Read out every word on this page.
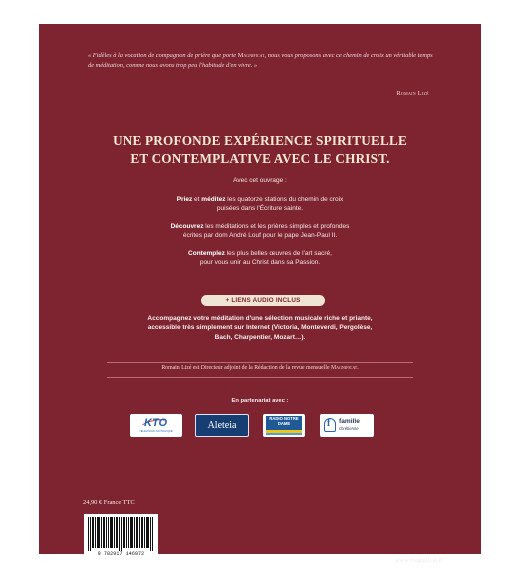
« Fidèles à la vocation de compagnon de prière que porte Magnificat, nous vous proposons avec ce chemin de croix un véritable temps de méditation, comme nous avons trop peu l'habitude d'en vivre. »
Romain Lizé
UNE PROFONDE EXPÉRIENCE SPIRITUELLE
ET CONTEMPLATIVE AVEC LE CHRIST.
Avec cet ouvrage :
Priez et méditez les quatorze stations du chemin de croix
puisées dans l'Écriture sainte.
Découvrez les méditations et les prières simples et profondes
écrites par dom André Louf pour le pape Jean-Paul II.
Contemplez les plus belles œuvres de l'art sacré,
pour vous unir au Christ dans sa Passion.
+ LIENS AUDIO INCLUS
Accompagnez votre méditation d'une sélection musicale riche et priante,
accessible très simplement sur Internet (Victoria, Monteverdi, Pergolèse,
Bach, Charpentier, Mozart…).
Romain Lizé est Directeur adjoint de la Rédaction de la revue mensuelle Magnificat.
En partenariat avec :
KTO
TÉLÉVISION CATHOLIQUE
Aleteia
RADIO NOTRE
DAME
f	famille
chrétienne
24,90 € France TTC
9 782917 146972
www.magnificat.fr
